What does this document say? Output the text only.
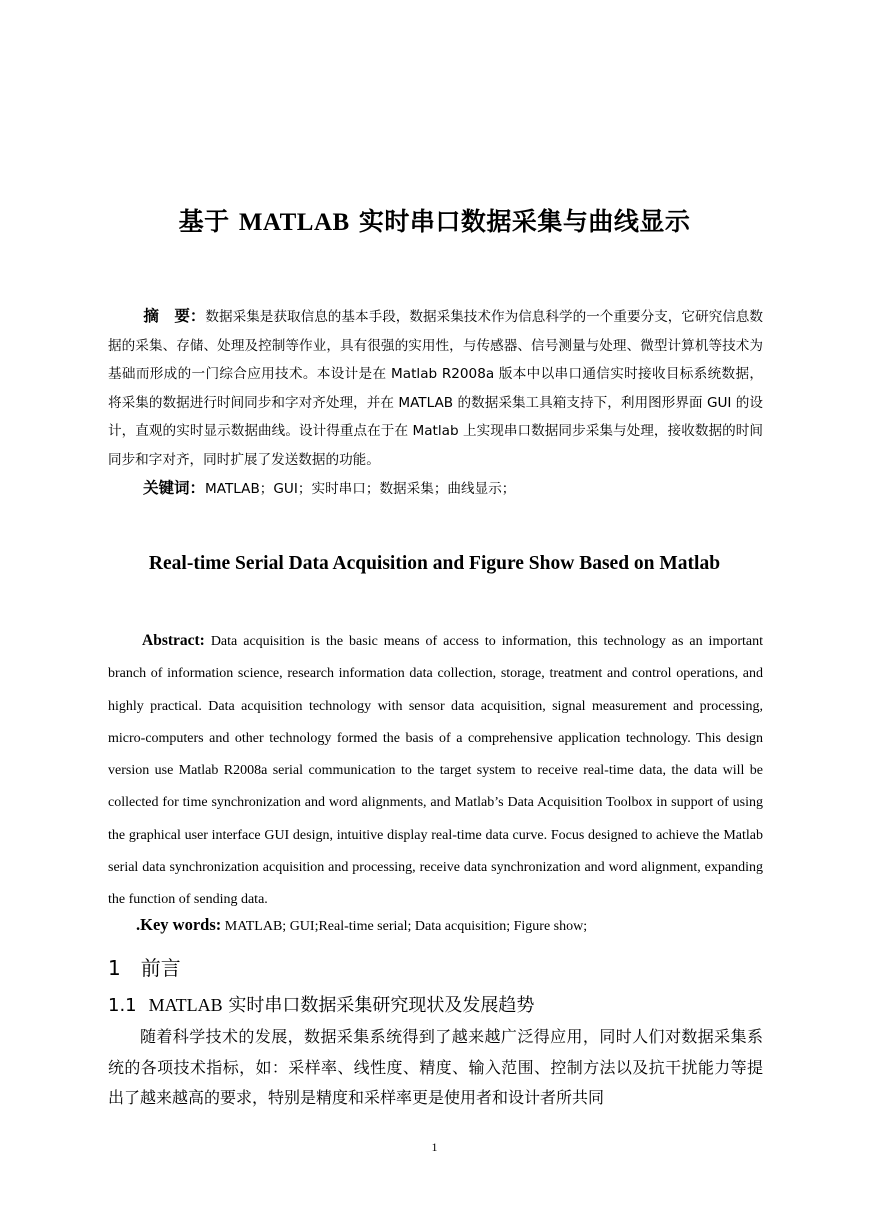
基于 MATLAB 实时串口数据采集与曲线显示

摘　要：数据采集是获取信息的基本手段，数据采集技术作为信息科学的一个重要分支，它研究信息数据的采集、存储、处理及控制等作业，具有很强的实用性，与传感器、信号测量与处理、微型计算机等技术为基础而形成的一门综合应用技术。本设计是在 Matlab R2008a 版本中以串口通信实时接收目标系统数据，将采集的数据进行时间同步和字对齐处理，并在 MATLAB 的数据采集工具箱支持下，利用图形界面 GUI 的设计，直观的实时显示数据曲线。设计得重点在于在 Matlab 上实现串口数据同步采集与处理，接收数据的时间同步和字对齐，同时扩展了发送数据的功能。

关键词：MATLAB；GUI；实时串口；数据采集；曲线显示；

Real-time Serial Data Acquisition and Figure Show Based on Matlab

Abstract: Data acquisition is the basic means of access to information, this technology as an important branch of information science, research information data collection, storage, treatment and control operations, and highly practical. Data acquisition technology with sensor data acquisition, signal measurement and processing, micro-computers and other technology formed the basis of a comprehensive application technology. This design version use Matlab R2008a serial communication to the target system to receive real-time data, the data will be collected for time synchronization and word alignments, and Matlab’s Data Acquisition Toolbox in support of using the graphical user interface GUI design, intuitive display real-time data curve. Focus designed to achieve the Matlab serial data synchronization acquisition and processing, receive data synchronization and word alignment, expanding the function of sending data.

.Key words: MATLAB; GUI;Real-time serial; Data acquisition; Figure show;
1 前言
1.1 MATLAB 实时串口数据采集研究现状及发展趋势

随着科学技术的发展，数据采集系统得到了越来越广泛得应用，同时人们对数据采集系统的各项技术指标，如：采样率、线性度、精度、输入范围、控制方法以及抗干扰能力等提出了越来越高的要求，特别是精度和采样率更是使用者和设计者所共同

1
